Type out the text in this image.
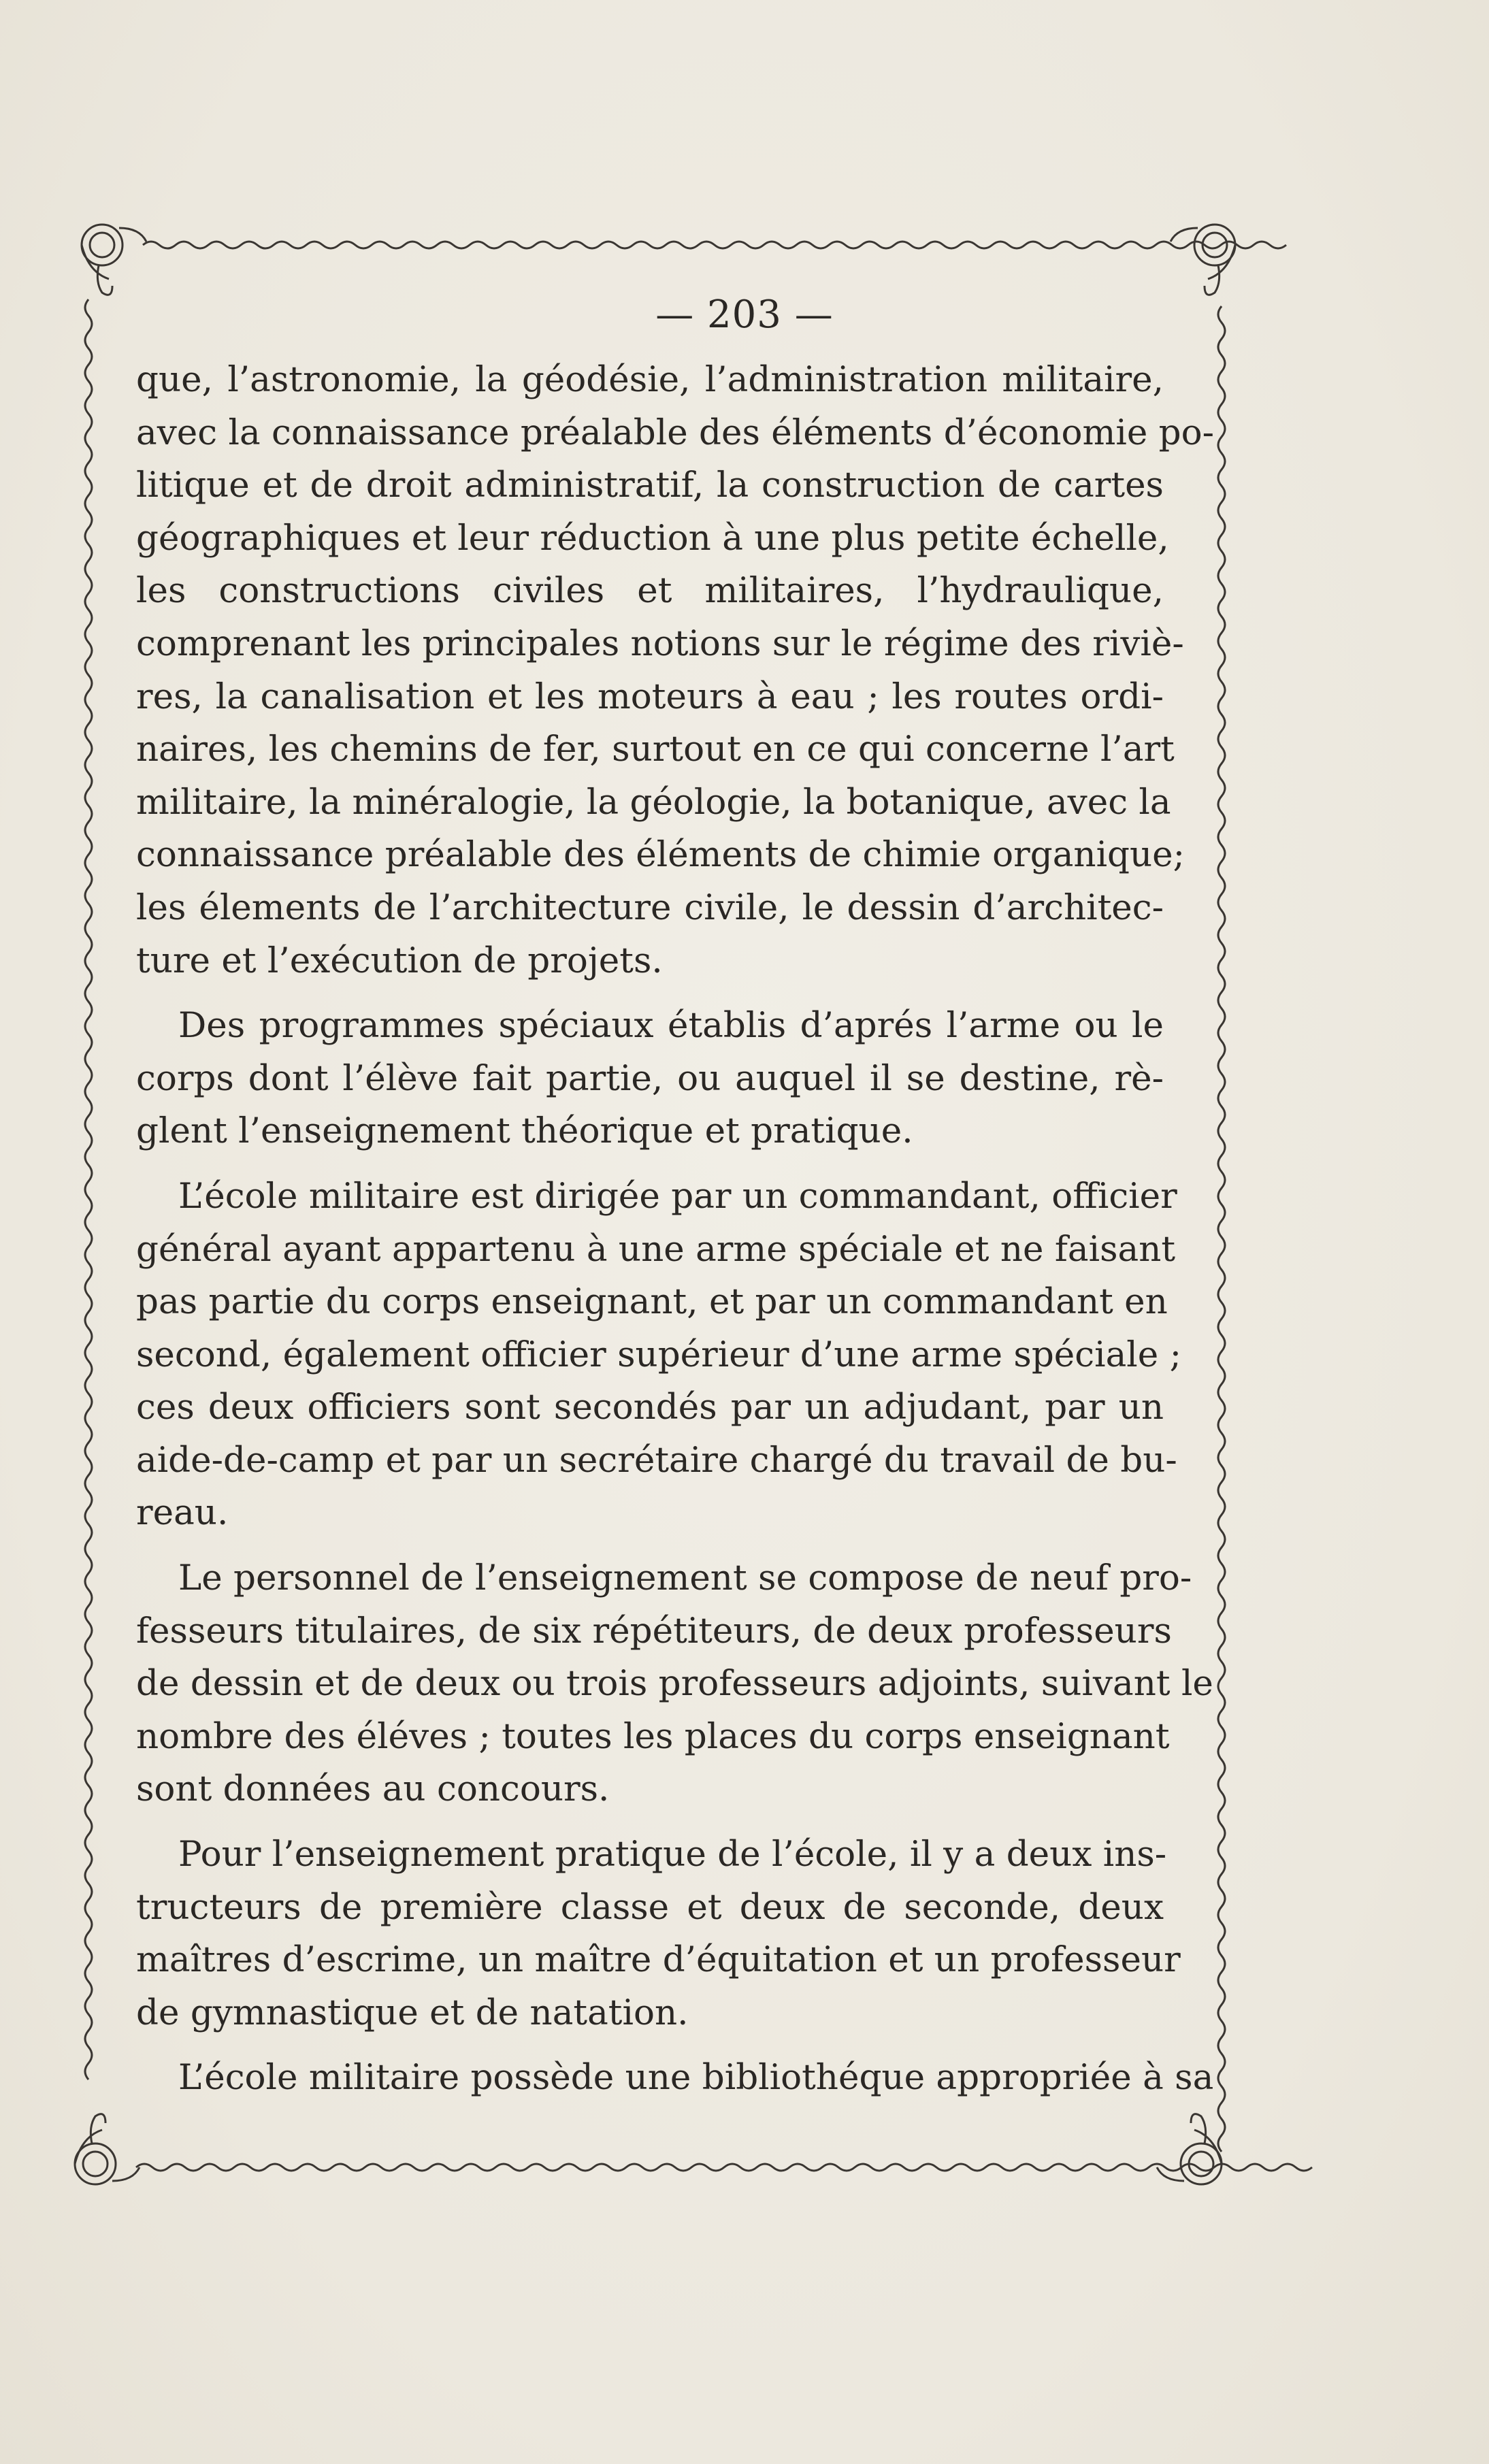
— 203 —
que, l’astronomie, la géodésie, l’administration militaire,
avec la connaissance préalable des éléments d’économie po-
litique et de droit administratif, la construction de cartes
géographiques et leur réduction à une plus petite échelle,
les constructions civiles et militaires, l’hydraulique,
comprenant les principales notions sur le régime des riviè-
res, la canalisation et les moteurs à eau ; les routes ordi-
naires, les chemins de fer, surtout en ce qui concerne l’art
militaire, la minéralogie, la géologie, la botanique, avec la
connaissance préalable des éléments de chimie organique;
les élements de l’architecture civile, le dessin d’architec-
ture et l’exécution de projets.
Des programmes spéciaux établis d’aprés l’arme ou le
corps dont l’élève fait partie, ou auquel il se destine, rè-
glent l’enseignement théorique et pratique.
L’école militaire est dirigée par un commandant, officier
général ayant appartenu à une arme spéciale et ne faisant
pas partie du corps enseignant, et par un commandant en
second, également officier supérieur d’une arme spéciale ;
ces deux officiers sont secondés par un adjudant, par un
aide-de-camp et par un secrétaire chargé du travail de bu-
reau.
Le personnel de l’enseignement se compose de neuf pro-
fesseurs titulaires, de six répétiteurs, de deux professeurs
de dessin et de deux ou trois professeurs adjoints, suivant le
nombre des éléves ; toutes les places du corps enseignant
sont données au concours.
Pour l’enseignement pratique de l’école, il y a deux ins-
tructeurs de première classe et deux de seconde, deux
maîtres d’escrime, un maître d’équitation et un professeur
de gymnastique et de natation.
L’école militaire possède une bibliothéque appropriée à sa
